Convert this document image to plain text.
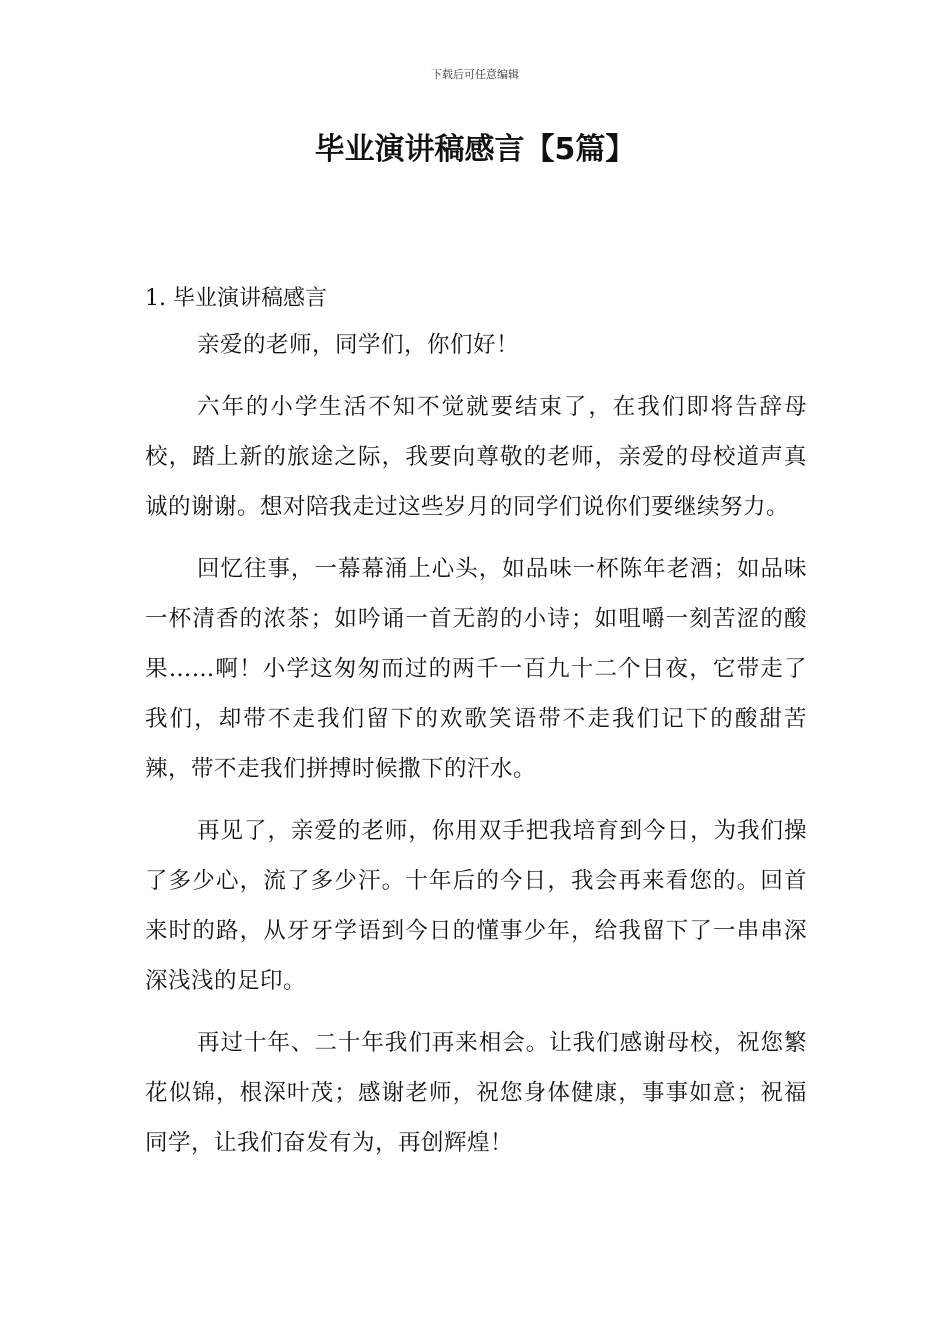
下载后可任意编辑
毕业演讲稿感言【5篇】
1. 毕业演讲稿感言

亲爱的老师，同学们，你们好！

六年的小学生活不知不觉就要结束了，在我们即将告辞母校，踏上新的旅途之际，我要向尊敬的老师，亲爱的母校道声真诚的谢谢。想对陪我走过这些岁月的同学们说你们要继续努力。

回忆往事，一幕幕涌上心头，如品味一杯陈年老酒；如品味一杯清香的浓茶；如吟诵一首无韵的小诗；如咀嚼一刻苦涩的酸果……啊！小学这匆匆而过的两千一百九十二个日夜，它带走了我们，却带不走我们留下的欢歌笑语带不走我们记下的酸甜苦辣，带不走我们拼搏时候撒下的汗水。

再见了，亲爱的老师，你用双手把我培育到今日，为我们操了多少心，流了多少汗。十年后的今日，我会再来看您的。回首来时的路，从牙牙学语到今日的懂事少年，给我留下了一串串深深浅浅的足印。

再过十年、二十年我们再来相会。让我们感谢母校，祝您繁花似锦，根深叶茂；感谢老师，祝您身体健康，事事如意；祝福同学，让我们奋发有为，再创辉煌！
